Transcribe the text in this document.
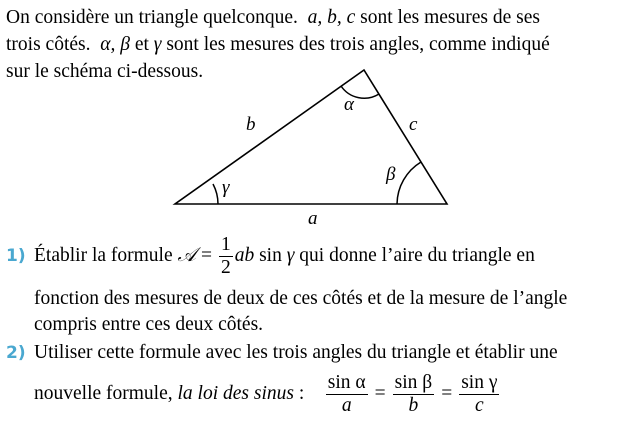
On considère un triangle quelconque. a, b, c sont les mesures de ses
trois côtés. α, β et γ sont les mesures des trois angles, comme indiqué
sur le schéma ci-dessous.
a
b	c
α
β
γ
1) Établir la formule 𝒜 = $\frac{1}{2}$ ab sin γ qui donne l’aire du triangle en
fonction des mesures de deux de ces côtés et de la mesure de l’angle
compris entre ces deux côtés.
2) Utiliser cette formule avec les trois angles du triangle et établir une
nouvelle formule, la loi des sinus : $\frac{\text{sin α}}{a} = \frac{\text{sin β}}{b} = \frac{\text{sin γ}}{c}$
